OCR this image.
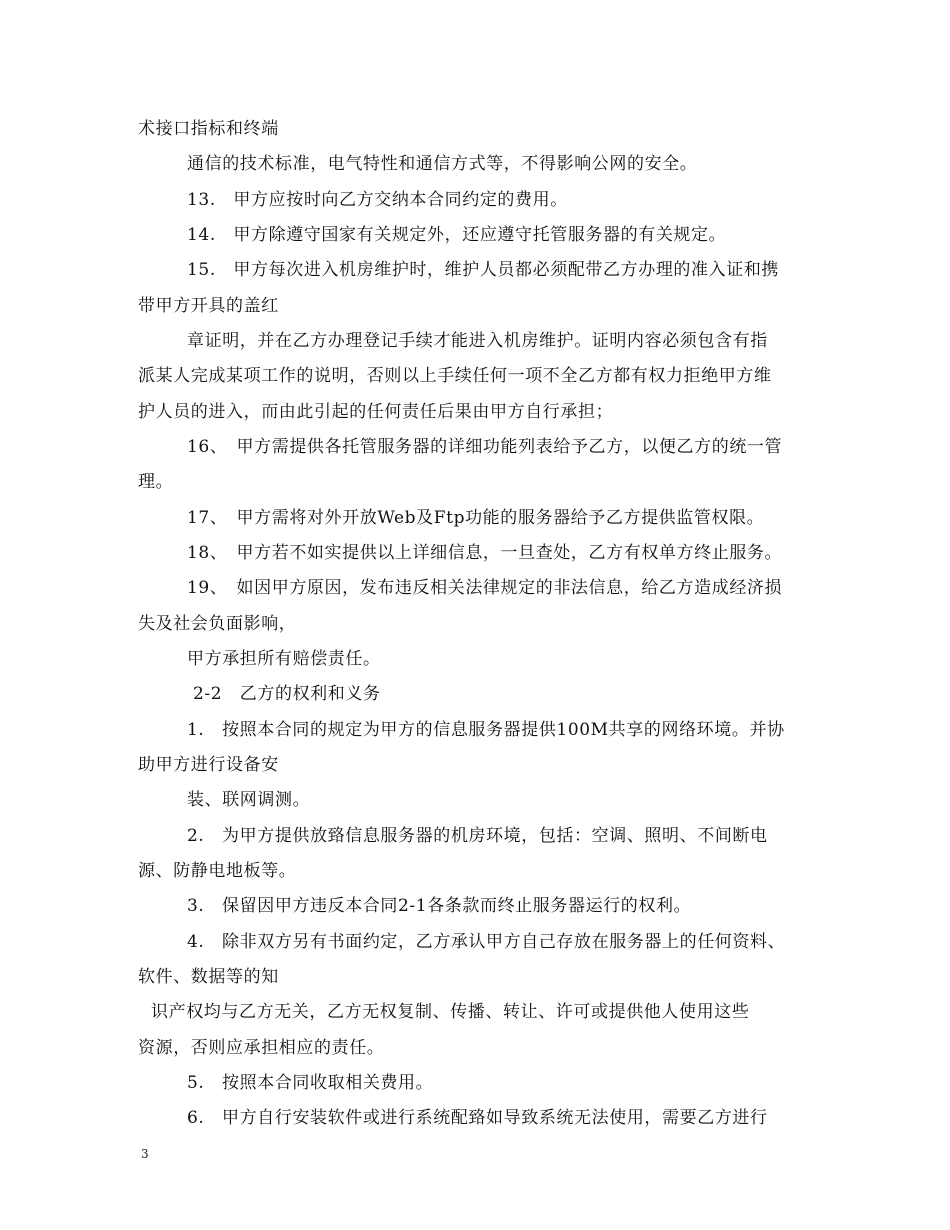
术接口指标和终端
通信的技术标准，电气特性和通信方式等，不得影响公网的安全。
13.　甲方应按时向乙方交纳本合同约定的费用。
14.　甲方除遵守国家有关规定外，还应遵守托管服务器的有关规定。
15.　甲方每次进入机房维护时，维护人员都必须配带乙方办理的准入证和携
带甲方开具的盖红
章证明，并在乙方办理登记手续才能进入机房维护。证明内容必须包含有指
派某人完成某项工作的说明，否则以上手续任何一项不全乙方都有权力拒绝甲方维
护人员的进入，而由此引起的任何责任后果由甲方自行承担；
16、　甲方需提供各托管服务器的详细功能列表给予乙方，以便乙方的统一管
理。
17、　甲方需将对外开放Web及Ftp功能的服务器给予乙方提供监管权限。
18、　甲方若不如实提供以上详细信息，一旦查处，乙方有权单方终止服务。
19、　如因甲方原因，发布违反相关法律规定的非法信息，给乙方造成经济损
失及社会负面影响，
甲方承担所有赔偿责任。
2-2　乙方的权利和义务
1.　按照本合同的规定为甲方的信息服务器提供100M共享的网络环境。并协
助甲方进行设备安
装、联网调测。
2.　为甲方提供放臵信息服务器的机房环境，包括：空调、照明、不间断电
源、防静电地板等。
3.　保留因甲方违反本合同2-1各条款而终止服务器运行的权利。
4.　除非双方另有书面约定，乙方承认甲方自己存放在服务器上的任何资料、
软件、数据等的知
识产权均与乙方无关，乙方无权复制、传播、转让、许可或提供他人使用这些
资源，否则应承担相应的责任。
5.　按照本合同收取相关费用。
6.　甲方自行安装软件或进行系统配臵如导致系统无法使用，需要乙方进行
3
